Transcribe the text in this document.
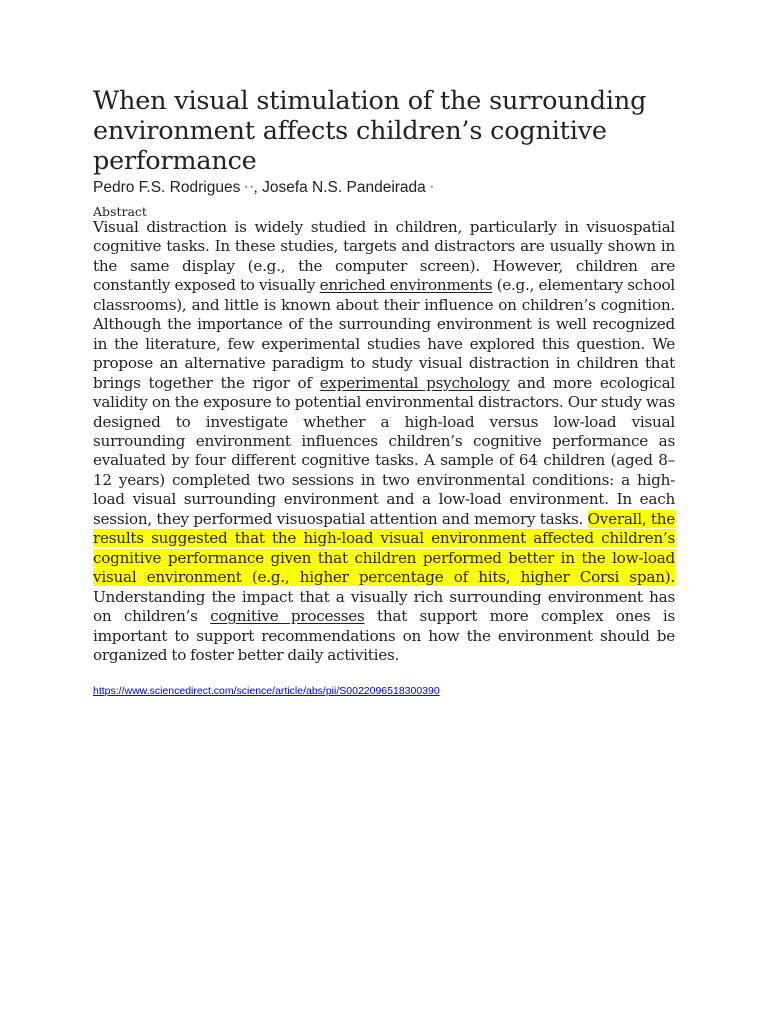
When visual stimulation of the surrounding environment affects children’s cognitive performance
Pedro F.S. Rodrigues • •, Josefa N.S. Pandeirada •
Abstract

Visual distraction is widely studied in children, particularly in visuospatial cognitive tasks. In these studies, targets and distractors are usually shown in the same display (e.g., the computer screen). However, children are constantly exposed to visually enriched environments (e.g., elementary school classrooms), and little is known about their influence on children’s cognition. Although the importance of the surrounding environment is well recognized in the literature, few experimental studies have explored this question. We propose an alternative paradigm to study visual distraction in children that brings together the rigor of experimental psychology and more ecological validity on the exposure to potential environmental distractors. Our study was designed to investigate whether a high-load versus low-load visual surrounding environment influences children’s cognitive performance as evaluated by four different cognitive tasks. A sample of 64 children (aged 8–12 years) completed two sessions in two environmental conditions: a high-load visual surrounding environment and a low-load environment. In each session, they performed visuospatial attention and memory tasks. Overall, the results suggested that the high-load visual environment affected children’s cognitive performance given that children performed better in the low-load visual environment (e.g., higher percentage of hits, higher Corsi span). Understanding the impact that a visually rich surrounding environment has on children’s cognitive processes that support more complex ones is important to support recommendations on how the environment should be organized to foster better daily activities.

https://www.sciencedirect.com/science/article/abs/pii/S0022096518300390
